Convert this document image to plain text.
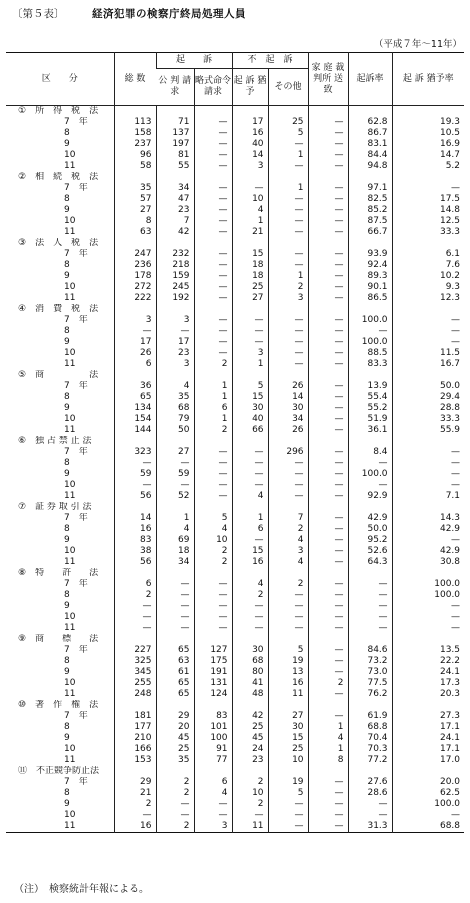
〔第５表〕	経済犯罪の検察庁終局処理人員
（平成７年～11年）
区　　分	総 数	起　　訴		不　起　訴		家 庭 裁判所 送 致	起訴率	起 訴 猶予率
		公 判 請 求	略式命令請求	起 訴 猶 予	その他			
①　所　得　税　法								
7　年	113	71	—	17	25	—	62.8	19.3
8	158	137	—	16	5	—	86.7	10.5
9	237	197	—	40	—	—	83.1	16.9
10	96	81	—	14	1	—	84.4	14.7
11	58	55	—	3	—	—	94.8	5.2
②　相　続　税　法								
7　年	35	34	—	—	1	—	97.1	—
8	57	47	—	10	—	—	82.5	17.5
9	27	23	—	4	—	—	85.2	14.8
10	8	7	—	1	—	—	87.5	12.5
11	63	42	—	21	—	—	66.7	33.3
③　法　人　税　法								
7　年	247	232	—	15	—	—	93.9	6.1
8	236	218	—	18	—	—	92.4	7.6
9	178	159	—	18	1	—	89.3	10.2
10	272	245	—	25	2	—	90.1	9.3
11	222	192	—	27	3	—	86.5	12.3
④　消　費　税　法								
7　年	3	3	—	—	—	—	100.0	—
8	—	—	—	—	—	—	—	—
9	17	17	—	—	—	—	100.0	—
10	26	23	—	3	—	—	88.5	11.5
11	6	3	2	1	—	—	83.3	16.7
⑤　商　　　　　法								
7　年	36	4	1	5	26	—	13.9	50.0
8	65	35	1	15	14	—	55.4	29.4
9	134	68	6	30	30	—	55.2	28.8
10	154	79	1	40	34	—	51.9	33.3
11	144	50	2	66	26	—	36.1	55.9
⑥　独 占 禁 止 法								
7　年	323	27	—	—	296	—	8.4	—
8	—	—	—	—	—	—	—	—
9	59	59	—	—	—	—	100.0	—
10	—	—	—	—	—	—	—	—
11	56	52	—	4	—	—	92.9	7.1
⑦　証 券 取 引 法								
7　年	14	1	5	1	7	—	42.9	14.3
8	16	4	4	6	2	—	50.0	42.9
9	83	69	10	—	4	—	95.2	—
10	38	18	2	15	3	—	52.6	42.9
11	56	34	2	16	4	—	64.3	30.8
⑧　特　　許　　法								
7　年	6	—	—	4	2	—	—	100.0
8	2	—	—	2	—	—	—	100.0
9	—	—	—	—	—	—	—	—
10	—	—	—	—	—	—	—	—
11	—	—	—	—	—	—	—	—
⑨　商　　標　　法								
7　年	227	65	127	30	5	—	84.6	13.5
8	325	63	175	68	19	—	73.2	22.2
9	345	61	191	80	13	—	73.0	24.1
10	255	65	131	41	16	2	77.5	17.3
11	248	65	124	48	11	—	76.2	20.3
⑩　著　作　権　法								
7　年	181	29	83	42	27	—	61.9	27.3
8	177	20	101	25	30	1	68.8	17.1
9	210	45	100	45	15	4	70.4	24.1
10	166	25	91	24	25	1	70.3	17.1
11	153	35	77	23	10	8	77.2	17.0
⑪　不正競争防止法								
7　年	29	2	6	2	19	—	27.6	20.0
8	21	2	4	10	5	—	28.6	62.5
9	2	—	—	2	—	—	—	100.0
10	—	—	—	—	—	—	—	—
11	16	2	3	11	—	—	31.3	68.8
（注）　検察統計年報による。
